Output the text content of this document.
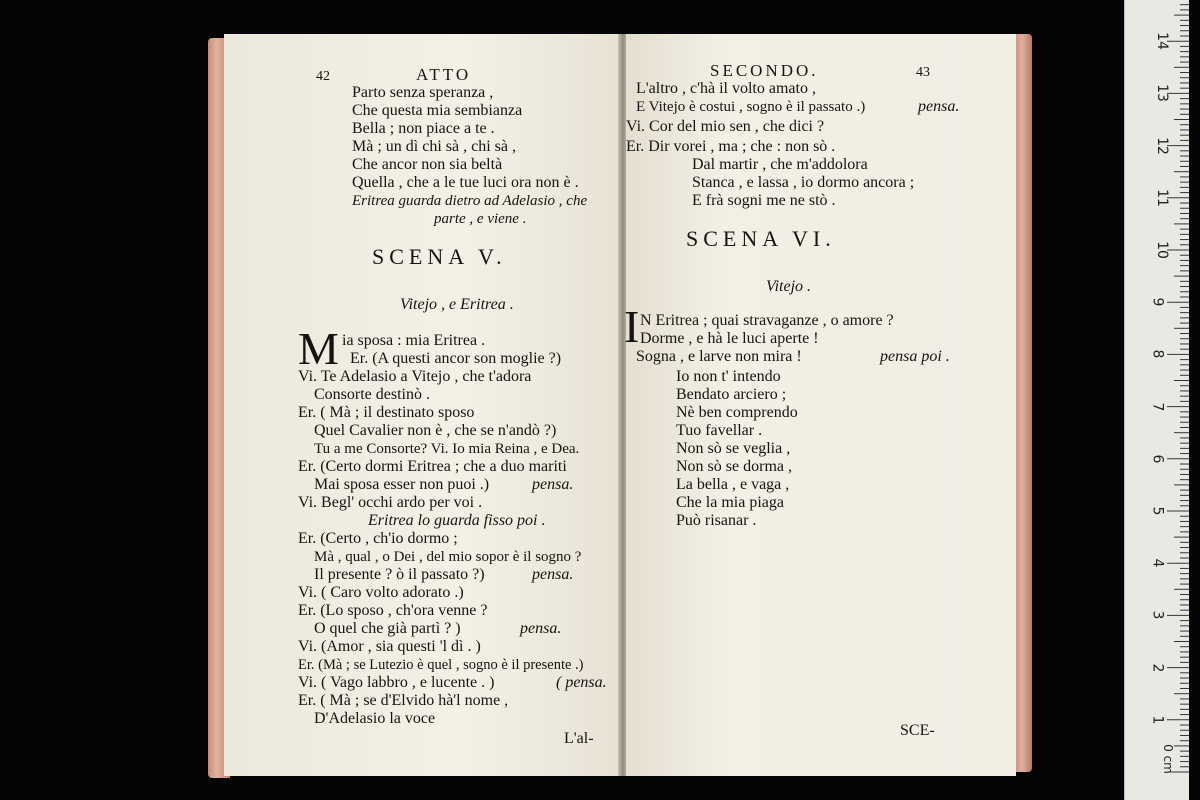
42	ATTO
Parto senza speranza ,
Che questa mia sembianza
Bella ; non piace a te .
Mà ; un dì chi sà , chi sà ,
Che ancor non sia beltà
Quella , che a le tue luci ora non è .
Eritrea guarda dietro ad Adelasio , che
parte , e viene .
SCENA V.
Vitejo , e Eritrea .
M ia sposa : mia Eritrea .
Er. (A questi ancor son moglie ?)
Vi. Te Adelasio a Vitejo , che t'adora
Consorte destinò .
Er. ( Mà ; il destinato sposo
Quel Cavalier non è , che se n'andò ?)
Tu a me Consorte? Vi. Io mia Reina , e Dea.
Er. (Certo dormi Eritrea ; che a duo mariti
Mai sposa esser non puoi .)	pensa.
Vi. Begl' occhi ardo per voi .
Eritrea lo guarda fisso poi .
Er. (Certo , ch'io dormo ;
Mà , qual , o Dei , del mio sopor è il sogno ?
Il presente ? ò il passato ?)	pensa.
Vi. ( Caro volto adorato .)
Er. (Lo sposo , ch'ora venne ?
O quel che già partì ? )	pensa.
Vi. (Amor , sia questi 'l dì . )
Er. (Mà ; se Lutezio è quel , sogno è il presente .)
Vi. ( Vago labbro , e lucente . )	( pensa.
Er. ( Mà ; se d'Elvido hà'l nome ,
D'Adelasio la voce
L'al-
SECONDO.	43
L'altro , c'hà il volto amato ,
E Vitejo è costui , sogno è il passato .)	pensa.
Vi. Cor del mio sen , che dici ?
Er. Dir vorei , ma ; che : non sò .
Dal martir , che m'addolora
Stanca , e lassa , io dormo ancora ;
E frà sogni me ne stò .
SCENA VI.
Vitejo .
I N Eritrea ; quai stravaganze , o amore ?
Dorme , e hà le luci aperte !
Sogna , e larve non mira !	pensa poi .
Io non t' intendo
Bendato arciero ;
Nè ben comprendo
Tuo favellar .
Non sò se veglia ,
Non sò se dorma ,
La bella , e vaga ,
Che la mia piaga
Può risanar .
SCE-
1
2
3
4
5
6
7
8
9
10
11
12
13
14
0 cm
